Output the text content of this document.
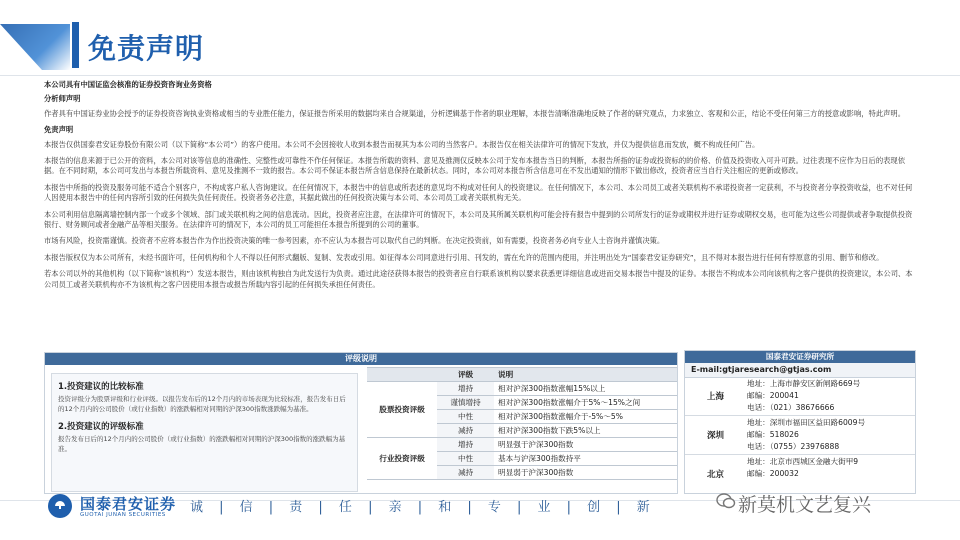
免责声明

本公司具有中国证监会核准的证券投资咨询业务资格

分析师声明

作者具有中国证券业协会授予的证券投资咨询执业资格或相当的专业胜任能力，保证报告所采用的数据均来自合规渠道，分析逻辑基于作者的职业理解，本报告清晰准确地反映了作者的研究观点，力求独立、客观和公正，结论不受任何第三方的授意或影响，特此声明。

免责声明

本报告仅供国泰君安证券股份有限公司（以下简称“本公司”）的客户使用。本公司不会因接收人收到本报告而视其为本公司的当然客户。本报告仅在相关法律许可的情况下发放，并仅为提供信息而发放，概不构成任何广告。

本报告的信息来源于已公开的资料，本公司对该等信息的准确性、完整性或可靠性不作任何保证。本报告所载的资料、意见及推测仅反映本公司于发布本报告当日的判断，本报告所指的证券或投资标的的价格、价值及投资收入可升可跌。过往表现不应作为日后的表现依据。在不同时期，本公司可发出与本报告所载资料、意见及推测不一致的报告。本公司不保证本报告所含信息保持在最新状态。同时，本公司对本报告所含信息可在不发出通知的情形下做出修改，投资者应当自行关注相应的更新或修改。

本报告中所指的投资及服务可能不适合个别客户，不构成客户私人咨询建议。在任何情况下，本报告中的信息或所表述的意见均不构成对任何人的投资建议。在任何情况下，本公司、本公司员工或者关联机构不承诺投资者一定获利，不与投资者分享投资收益，也不对任何人因使用本报告中的任何内容所引致的任何损失负任何责任。投资者务必注意，其据此做出的任何投资决策与本公司、本公司员工或者关联机构无关。

本公司利用信息隔离墙控制内部一个或多个领域、部门或关联机构之间的信息流动。因此，投资者应注意，在法律许可的情况下，本公司及其所属关联机构可能会持有报告中提到的公司所发行的证券或期权并进行证券或期权交易，也可能为这些公司提供或者争取提供投资银行、财务顾问或者金融产品等相关服务。在法律许可的情况下，本公司的员工可能担任本报告所提到的公司的董事。

市场有风险，投资需谨慎。投资者不应将本报告作为作出投资决策的唯一参考因素，亦不应认为本报告可以取代自己的判断。在决定投资前，如有需要，投资者务必向专业人士咨询并谨慎决策。

本报告版权仅为本公司所有，未经书面许可，任何机构和个人不得以任何形式翻版、复制、发表或引用。如征得本公司同意进行引用、刊发的，需在允许的范围内使用，并注明出处为“国泰君安证券研究”，且不得对本报告进行任何有悖原意的引用、删节和修改。

若本公司以外的其他机构（以下简称“该机构”）发送本报告，则由该机构独自为此发送行为负责。通过此途径获得本报告的投资者应自行联系该机构以要求获悉更详细信息或进而交易本报告中提及的证券。本报告不构成本公司向该机构之客户提供的投资建议，本公司、本公司员工或者关联机构亦不为该机构之客户因使用本报告或报告所载内容引起的任何损失承担任何责任。

评级说明
1.投资建议的比较标准
投资评级分为股票评级和行业评级。以报告发布后的12个月内的市场表现为比较标准，报告发布日后的12个月内的公司股价（或行业指数）的涨跌幅相对同期的沪深300指数涨跌幅为基准。
2.投资建议的评级标准
报告发布日后的12个月内的公司股价（或行业指数）的涨跌幅相对同期的沪深300指数的涨跌幅为基准。
	评级	说明
股票投资评级	增持	相对沪深300指数涨幅15%以上
	谨慎增持	相对沪深300指数涨幅介于5%～15%之间
	中性	相对沪深300指数涨幅介于-5%～5%
	减持	相对沪深300指数下跌5%以上
行业投资评级	增持	明显强于沪深300指数
	中性	基本与沪深300指数持平
	减持	明显弱于沪深300指数
国泰君安证券研究所
E-mail:gtjaresearch@gtjas.com
上海
地址：上海市静安区新闸路669号
邮编：200041
电话：（021）38676666
深圳
地址：深圳市福田区益田路6009号
邮编：518026
电话：（0755）23976888
北京
地址：北京市西城区金融大街甲9
邮编：200032
国泰君安证券
GUOTAI JUNAN SECURITIES 诚 | 信 | 责 | 任 | 亲 | 和 | 专 | 业 | 创 | 新	新莫机文艺复兴
